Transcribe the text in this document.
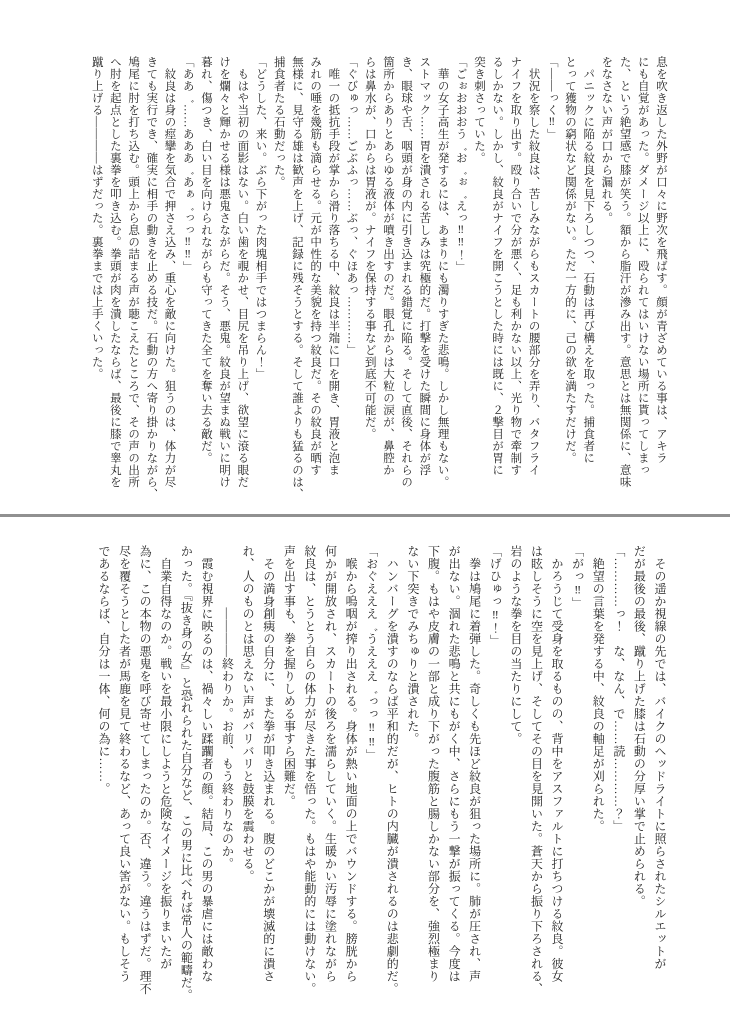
息を吹き返した外野が口々に野次を飛ばす。顔が青ざめている事は、アキラ
にも自覚があった。ダメージ以上に、殴られてはいけない場所に貰ってしまっ
た、という絶望感で膝が笑う。額から脂汗が滲み出す。意思とは無関係に、意味
をなさない声が口から漏れる。
　パニックに陥る紋良を見下ろしつつ、石動は再び構えを取った。捕食者に
とって獲物の窮状など関係がない。ただ一方的に、己の欲を満たすだけだ。
「――っく‼」
　状況を察した紋良は、苦しみながらもスカートの腰部分を弄り、バタフライ
ナイフを取り出す。殴り合いで分が悪く、足も利かない以上、光り物で牽制す
るしかない。しかし、紋良がナイフを開こうとした時には既に、２撃目が胃に
突き刺さっていた。
「ごぉおおおう゛お゛ぉ゛えっ‼‼！」
　華の女子高生が発するには、あまりにも濁りすぎた悲鳴。しかし無理もない。
ストマック……胃を潰される苦しみは究極的だ。打撃を受けた瞬間に身体が浮
き、眼球や舌、咽頭が身の内に引き込まれる錯覚に陥る。そして直後、それらの
箇所からありとあらゆる液体が噴き出すのだ。眼孔からは大粒の涙が、鼻腔か
らは鼻水が、口からは胃液が。ナイフを保持する事など到底不可能だ。
「ぐびゅっ……ごぶふっ……ぶっ、ぐほあっ…………」
　唯一の抵抗手段が掌から滑り落ちる中、紋良は半端に口を開き、胃液と泡ま
みれの唾を幾筋も滴らせる。元が中性的な美貌を持つ紋良だ。その紋良が晒す
無様に、見守る雄は歓声を上げ、記録に残そうとする。そして誰よりも猛るのは、
捕食者たる石動だった。
「どうした、来い。ぶら下がった肉塊相手ではつまらん！」
　もはや当初の面影はない。白い歯を覗かせ、目尻を吊り上げ、欲望に滾る眼だ
けを爛々と輝かせる様は悪鬼さながらだ。そう、悪鬼。紋良が望まぬ戦いに明け
暮れ、傷つき、白い目を向けられながらも守ってきた全てを奪い去る敵だ。
「ああ゛……あああ゛あぁ゛っっ‼‼」
　紋良は身の痙攣を気合で押さえ込み、重心を敵に向けた。狙うのは、体力が尽
きても実行でき、確実に相手の動きを止める技だ。石動の方へ寄り掛かりながら、
鳩尾に肘を打ち込む。頭上から息の詰まる声が聴こえたところで、その声の出所
へ肘を起点とした裏拳を叩き込む。拳頭が肉を潰したならば、最後に膝で睾丸を
蹴り上げる――――はずだった。裏拳までは上手くいった。
　その遥か視線の先では、バイクのヘッドライトに照らされたシルエットが
だが最後の最後、蹴り上げた膝は石動の分厚い掌で止められる。
「…………っ！　な、なん、で……読…………？」
　絶望の言葉を発する中、紋良の軸足が刈られた。
「がっ‼」
　かろうじて受身を取るものの、背中をアスファルトに打ちつける紋良。彼女
は眩しそうに空を見上げ、そしてその目を見開いた。蒼天から振り下ろされる、
岩のような拳を目の当たりにして。
「げひゅっ‼！」
　拳は鳩尾に着弾した。奇しくも先ほど紋良が狙った場所に。肺が圧され、声
が出ない。涸れた悲鳴と共にもがく中、さらにもう一撃が振ってくる。今度は
下腹。もはや皮膚の一部と成り下がった腹筋と腸しかない部分を、強烈極まり
ない下突きでみちゅりと潰された。
　ハンバーグを潰すのならば平和的だが、ヒトの内臓が潰されるのは悲劇的だ。
「おぐえええ゛うえええ゛っっ‼‼」
　喉から嗚咽が搾り出される。身体が熱い地面の上でバウンドする。膀胱から
何かが開放され、スカートの後ろを濡らしていく。生暖かい汚辱に塗れながら
紋良は、とうとう自らの体力が尽きた事を悟った。もはや能動的には動けない。
声を出す事も、拳を握りしめる事すら困難だ。
　その満身創痍の自分に、また拳が叩き込まれる。腹のどこかが壊滅的に潰さ
れ、人のものとは思えない声がバリバリと鼓膜を震わせる。
　　　　　――――終わりか。お前、もう終わりなのか。
　霞む視界に映るのは、禍々しい蹂躙者の顔。結局、この男の暴虐には敵わな
かった。『抜き身の女』と恐れられた自分など、この男に比べれば常人の範疇だ。
　自業自得なのか。戦いを最小限にしようと危険なイメージを振りまいたが
為に、この本物の悪鬼を呼び寄せてしまったのか。否、違う。違うはずだ。理不
尽を覆そうとした者が馬鹿を見て終わるなど、あって良い筈がない。もしそう
であるならば、自分は一体、何の為に……。
